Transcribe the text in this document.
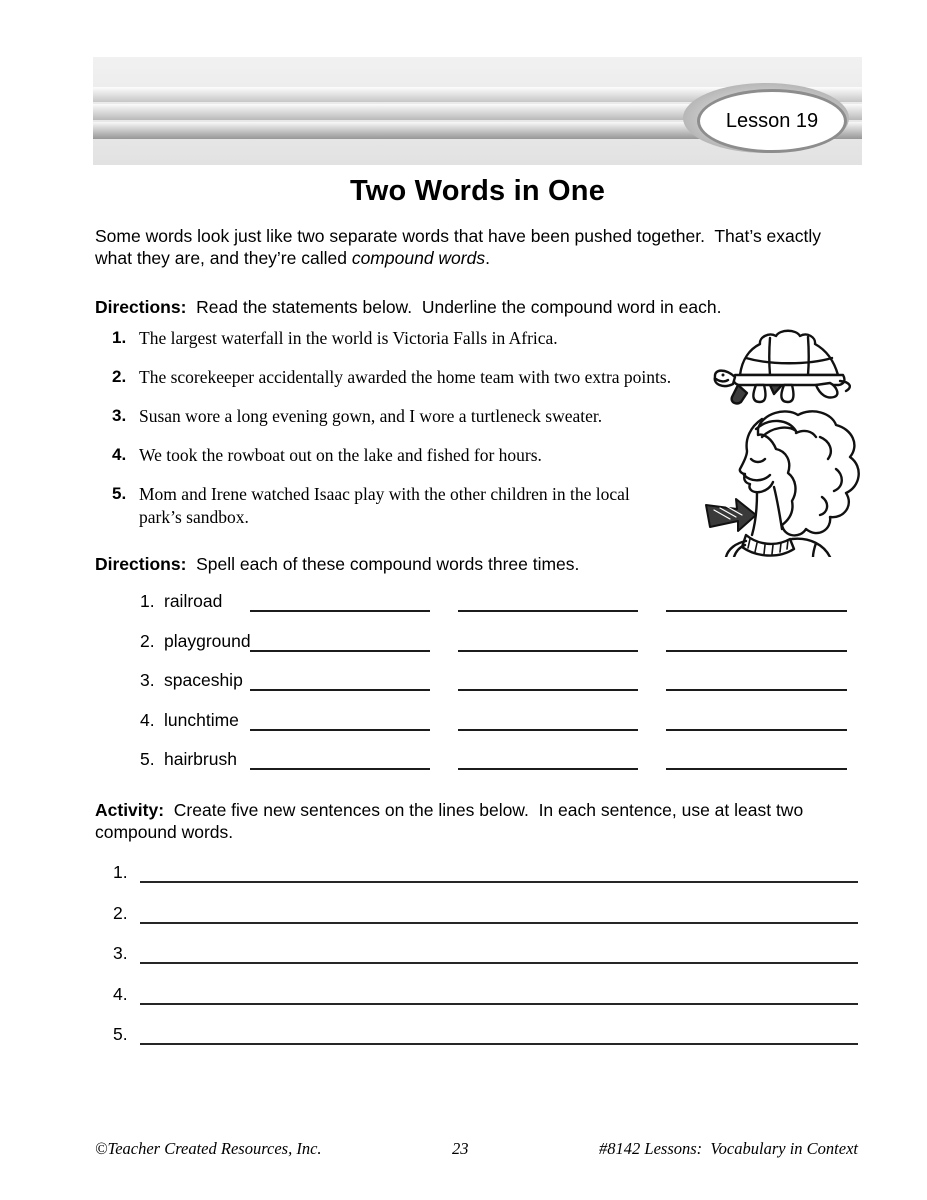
Lesson 19
Two Words in One

Some words look just like two separate words that have been pushed together.  That’s exactly what they are, and they’re called compound words.

Directions:  Read the statements below.  Underline the compound word in each.

1. The largest waterfall in the world is Victoria Falls in Africa.
2. The scorekeeper accidentally awarded the home team with two extra points.
3. Susan wore a long evening gown, and I wore a turtleneck sweater.
4. We took the rowboat out on the lake and fished for hours.
5. Mom and Irene watched Isaac play with the other children in the local park’s sandbox.

Directions:  Spell each of these compound words three times.

1. railroad
2. playground
3. spaceship
4. lunchtime
5. hairbrush

Activity:  Create five new sentences on the lines below.  In each sentence, use at least two compound words.

1.
2.
3.
4.
5.
©Teacher Created Resources, Inc.	23	#8142 Lessons:  Vocabulary in Context
